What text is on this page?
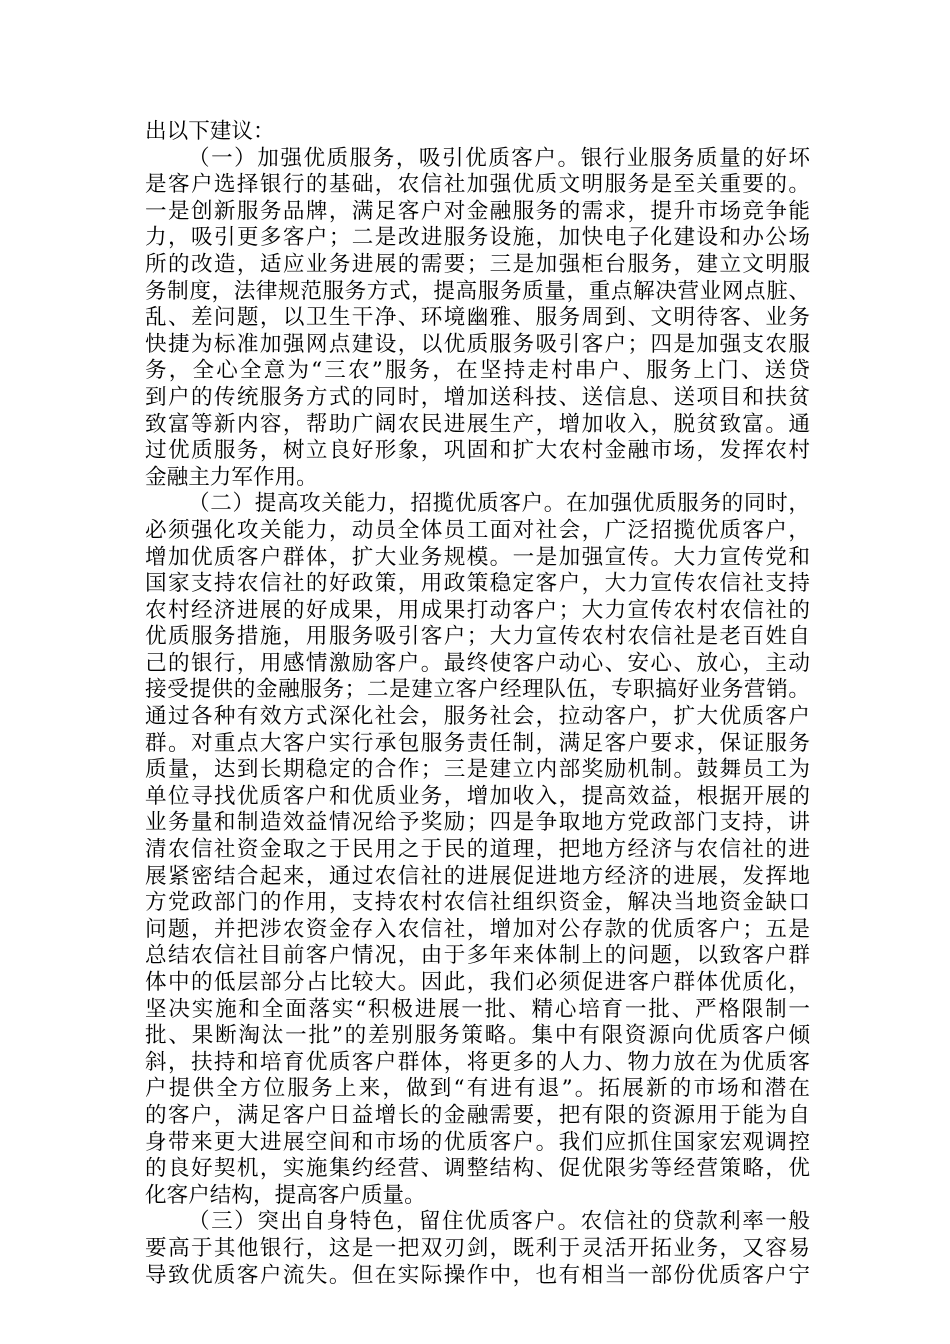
出以下建议：
（一）加强优质服务，吸引优质客户。银行业服务质量的好坏
是客户选择银行的基础，农信社加强优质文明服务是至关重要的。
一是创新服务品牌，满足客户对金融服务的需求，提升市场竞争能
力，吸引更多客户；二是改进服务设施，加快电子化建设和办公场
所的改造，适应业务进展的需要；三是加强柜台服务，建立文明服
务制度，法律规范服务方式，提高服务质量，重点解决营业网点脏、
乱、差问题，以卫生干净、环境幽雅、服务周到、文明待客、业务
快捷为标准加强网点建设，以优质服务吸引客户；四是加强支农服
务，全心全意为“三农”服务，在坚持走村串户、服务上门、送贷
到户的传统服务方式的同时，增加送科技、送信息、送项目和扶贫
致富等新内容，帮助广阔农民进展生产，增加收入，脱贫致富。通
过优质服务，树立良好形象，巩固和扩大农村金融市场，发挥农村
金融主力军作用。
（二）提高攻关能力，招揽优质客户。在加强优质服务的同时，
必须强化攻关能力，动员全体员工面对社会，广泛招揽优质客户，
增加优质客户群体，扩大业务规模。一是加强宣传。大力宣传党和
国家支持农信社的好政策，用政策稳定客户，大力宣传农信社支持
农村经济进展的好成果，用成果打动客户；大力宣传农村农信社的
优质服务措施，用服务吸引客户；大力宣传农村农信社是老百姓自
己的银行，用感情激励客户。最终使客户动心、安心、放心，主动
接受提供的金融服务；二是建立客户经理队伍，专职搞好业务营销。
通过各种有效方式深化社会，服务社会，拉动客户，扩大优质客户
群。对重点大客户实行承包服务责任制，满足客户要求，保证服务
质量，达到长期稳定的合作；三是建立内部奖励机制。鼓舞员工为
单位寻找优质客户和优质业务，增加收入，提高效益，根据开展的
业务量和制造效益情况给予奖励；四是争取地方党政部门支持，讲
清农信社资金取之于民用之于民的道理，把地方经济与农信社的进
展紧密结合起来，通过农信社的进展促进地方经济的进展，发挥地
方党政部门的作用，支持农村农信社组织资金，解决当地资金缺口
问题，并把涉农资金存入农信社，增加对公存款的优质客户；五是
总结农信社目前客户情况，由于多年来体制上的问题，以致客户群
体中的低层部分占比较大。因此，我们必须促进客户群体优质化，
坚决实施和全面落实“积极进展一批、精心培育一批、严格限制一
批、果断淘汰一批”的差别服务策略。集中有限资源向优质客户倾
斜，扶持和培育优质客户群体，将更多的人力、物力放在为优质客
户提供全方位服务上来，做到“有进有退”。拓展新的市场和潜在
的客户，满足客户日益增长的金融需要，把有限的资源用于能为自
身带来更大进展空间和市场的优质客户。我们应抓住国家宏观调控
的良好契机，实施集约经营、调整结构、促优限劣等经营策略，优
化客户结构，提高客户质量。
（三）突出自身特色，留住优质客户。农信社的贷款利率一般
要高于其他银行，这是一把双刃剑，既利于灵活开拓业务，又容易
导致优质客户流失。但在实际操作中，也有相当一部份优质客户宁
